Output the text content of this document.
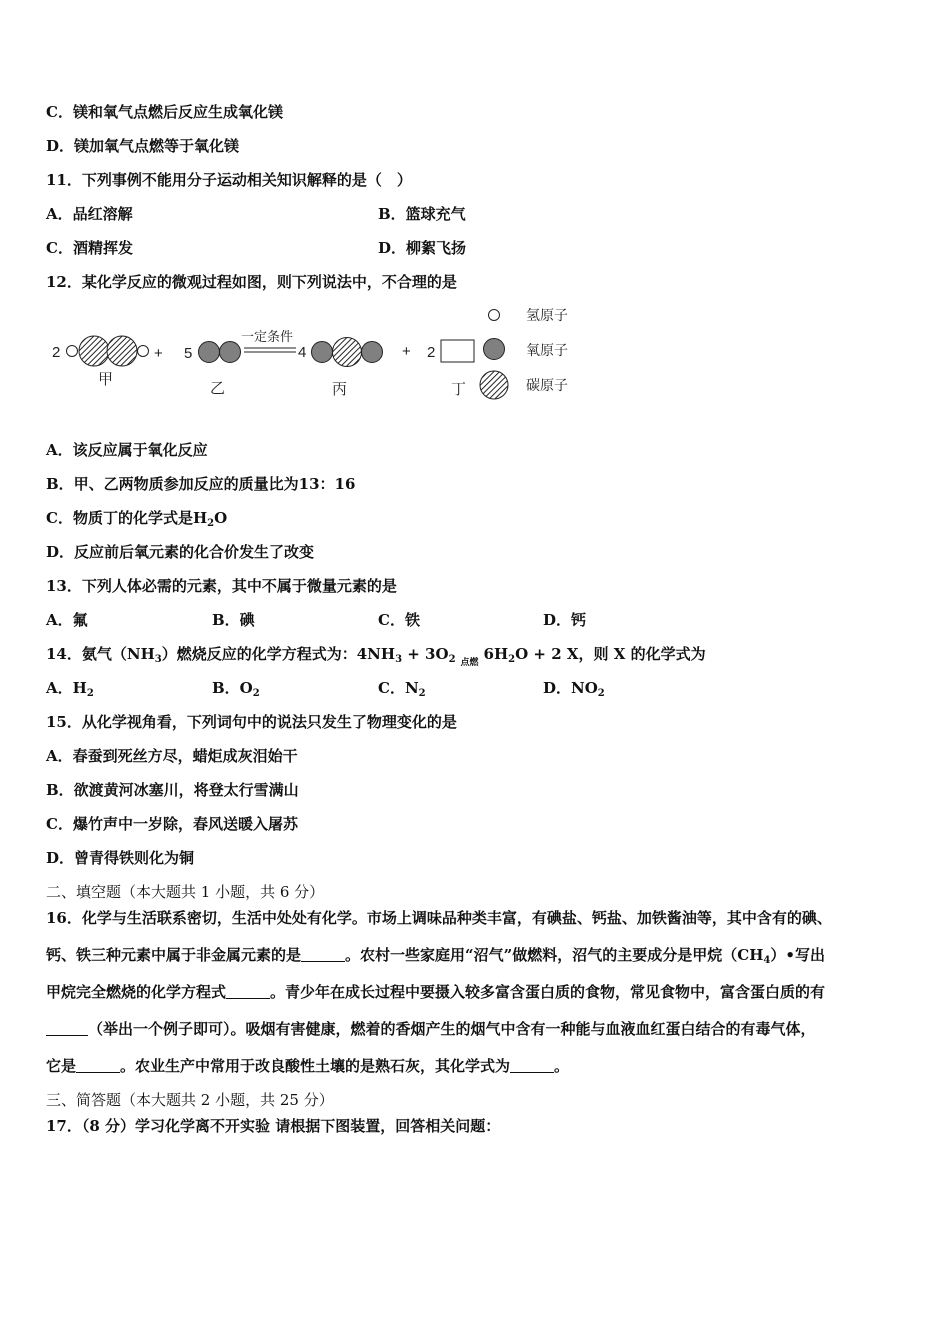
C．镁和氧气点燃后反应生成氧化镁
D．镁加氧气点燃等于氧化镁
11．下列事例不能用分子运动相关知识解释的是（　）
A．品红溶解	B．篮球充气
C．酒精挥发	D．柳絮飞扬
12．某化学反应的微观过程如图，则下列说法中，不合理的是
2	+
甲
5
乙
一定条件
4
丙
+ 2
丁
氢原子
氧原子
碳原子
A．该反应属于氧化反应
B．甲、乙两物质参加反应的质量比为13：16
C．物质丁的化学式是$H_2O$
D．反应前后氧元素的化合价发生了改变
13．下列人体必需的元素，其中不属于微量元素的是
A．氟	B．碘	C．铁	D．钙
14．氨气$(NH_3)$燃烧反应的化学方程式为：$4NH_3 + 3O_2$ 点燃 $6H_2O + 2$ X，则 X 的化学式为
A．$H_2$	B．$O_2$	C．$N_2$	D．$NO_2$
15．从化学视角看，下列词句中的说法只发生了物理变化的是
A．春蚕到死丝方尽，蜡炬成灰泪始干
B．欲渡黄河冰塞川，将登太行雪满山
C．爆竹声中一岁除，春风送暖入屠苏
D．曾青得铁则化为铜
二、填空题（本大题共 1 小题，共 6 分）
16．化学与生活联系密切，生活中处处有化学。市场上调味品种类丰富，有碘盐、钙盐、加铁酱油等，其中含有的碘、
钙、铁三种元素中属于非金属元素的是	。农村一些家庭用“沼气”做燃料，沼气的主要成分是甲烷$(CH_4)•$写出
甲烷完全燃烧的化学方程式	。青少年在成长过程中要摄入较多富含蛋白质的食物，常见食物中，富含蛋白质的有
（举出一个例子即可）。吸烟有害健康，燃着的香烟产生的烟气中含有一种能与血液血红蛋白结合的有毒气体，
它是	。农业生产中常用于改良酸性土壤的是熟石灰，其化学式为	。
三、简答题（本大题共 2 小题，共 25 分）
17．（8 分）学习化学离不开实验 请根据下图装置，回答相关问题：
